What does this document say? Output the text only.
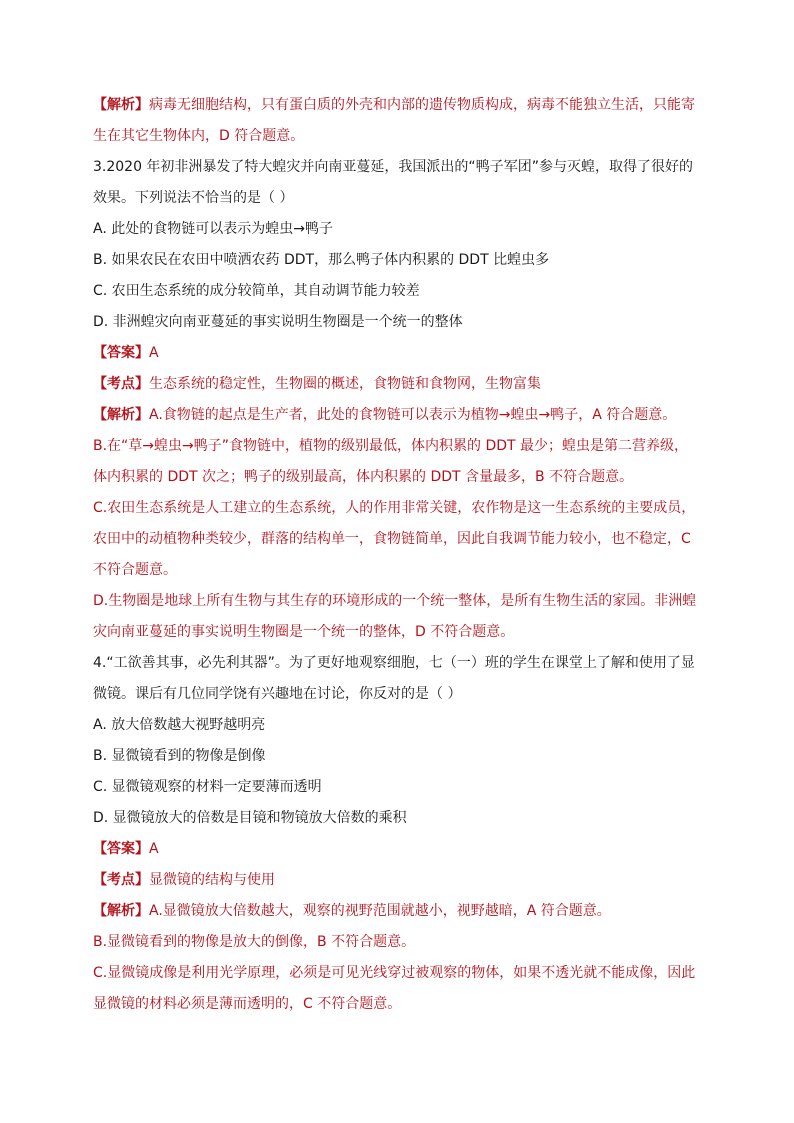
【解析】病毒无细胞结构，只有蛋白质的外壳和内部的遗传物质构成，病毒不能独立生活，只能寄

生在其它生物体内，D 符合题意。

3.2020 年初非洲暴发了特大蝗灾并向南亚蔓延，我国派出的“鸭子军团”参与灭蝗，取得了很好的

效果。下列说法不恰当的是（ ）

A. 此处的食物链可以表示为蝗虫→鸭子

B. 如果农民在农田中喷洒农药 DDT，那么鸭子体内积累的 DDT 比蝗虫多

C. 农田生态系统的成分较简单，其自动调节能力较差

D. 非洲蝗灾向南亚蔓延的事实说明生物圈是一个统一的整体

【答案】A

【考点】生态系统的稳定性，生物圈的概述，食物链和食物网，生物富集

【解析】A.食物链的起点是生产者，此处的食物链可以表示为植物→蝗虫→鸭子，A 符合题意。

B.在“草→蝗虫→鸭子”食物链中，植物的级别最低，体内积累的 DDT 最少；蝗虫是第二营养级，

体内积累的 DDT 次之；鸭子的级别最高，体内积累的 DDT 含量最多，B 不符合题意。

C.农田生态系统是人工建立的生态系统，人的作用非常关键，农作物是这一生态系统的主要成员，

农田中的动植物种类较少，群落的结构单一，食物链简单，因此自我调节能力较小，也不稳定，C

不符合题意。

D.生物圈是地球上所有生物与其生存的环境形成的一个统一整体，是所有生物生活的家园。非洲蝗

灾向南亚蔓延的事实说明生物圈是一个统一的整体，D 不符合题意。

4.“工欲善其事，必先利其器”。为了更好地观察细胞，七（一）班的学生在课堂上了解和使用了显

微镜。课后有几位同学饶有兴趣地在讨论，你反对的是（ ）

A. 放大倍数越大视野越明亮

B. 显微镜看到的物像是倒像

C. 显微镜观察的材料一定要薄而透明

D. 显微镜放大的倍数是目镜和物镜放大倍数的乘积

【答案】A

【考点】显微镜的结构与使用

【解析】A.显微镜放大倍数越大，观察的视野范围就越小，视野越暗，A 符合题意。

B.显微镜看到的物像是放大的倒像，B 不符合题意。

C.显微镜成像是利用光学原理，必须是可见光线穿过被观察的物体，如果不透光就不能成像，因此

显微镜的材料必须是薄而透明的，C 不符合题意。
